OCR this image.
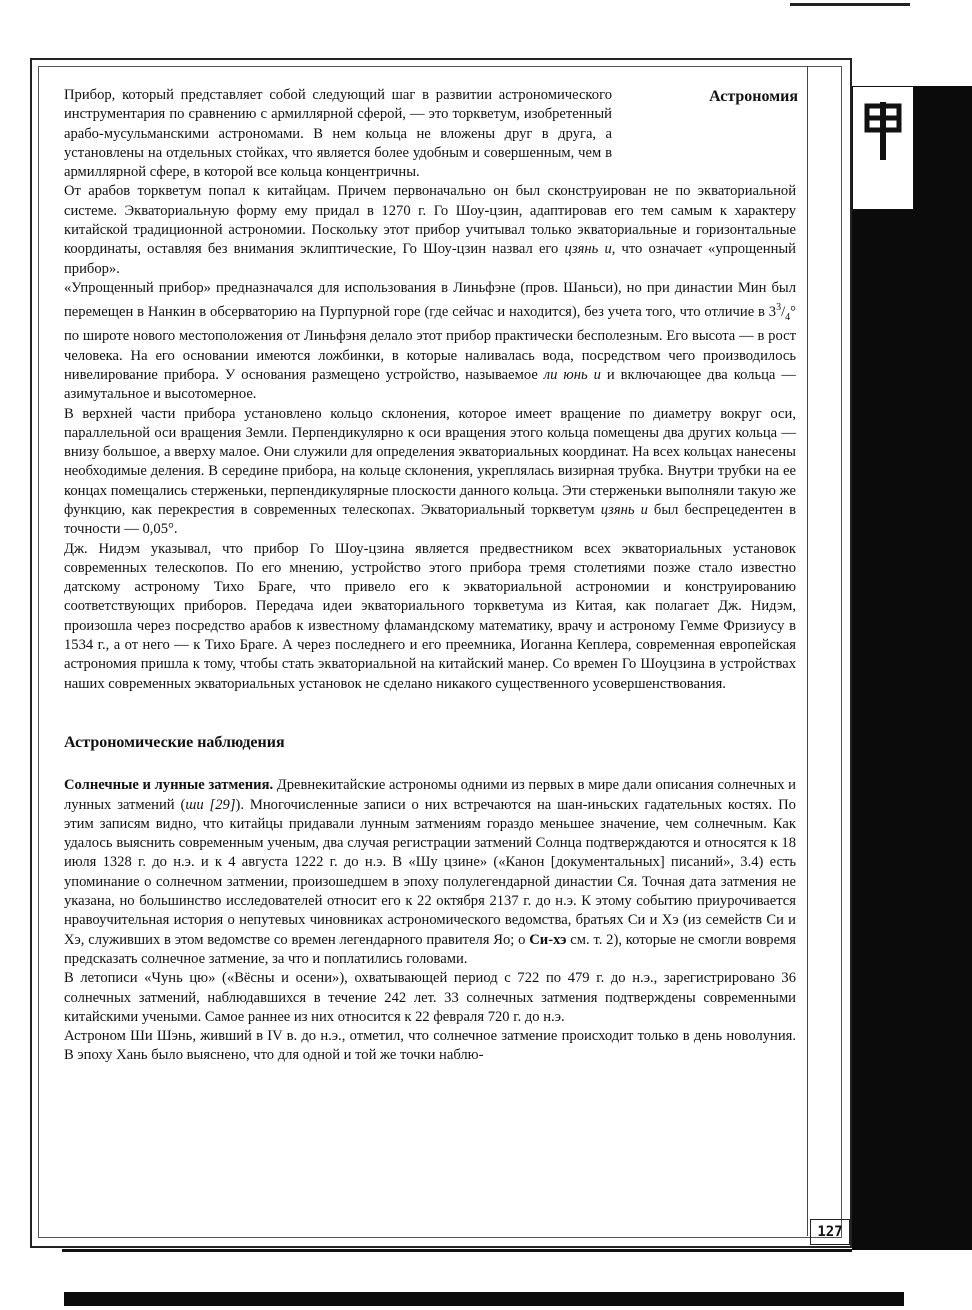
Астрономия

Прибор, который представляет собой следующий шаг в развитии астрономического инструментария по сравнению с армиллярной сферой, — это торкветум, изобретенный арабо-мусульманскими астрономами. В нем кольца не вложены друг в друга, а установлены на отдельных стойках, что является более удобным и совершенным, чем в армиллярной сфере, в которой все кольца концентричны.

От арабов торкветум попал к китайцам. Причем первоначально он был сконструирован не по экваториальной системе. Экваториальную форму ему придал в 1270 г. Го Шоу-цзин, адаптировав его тем самым к характеру китайской традиционной астрономии. Поскольку этот прибор учитывал только экваториальные и горизонтальные координаты, оставляя без внимания эклиптические, Го Шоу-цзин назвал его цзянь и, что означает «упрощенный прибор».

«Упрощенный прибор» предназначался для использования в Линьфэне (пров. Шаньси), но при династии Мин был перемещен в Нанкин в обсерваторию на Пурпурной горе (где сейчас и находится), без учета того, что отличие в $3^3/_4^\circ$ по широте нового местоположения от Линьфэня делало этот прибор практически бесполезным. Его высота — в рост человека. На его основании имеются ложбинки, в которые наливалась вода, посредством чего производилось нивелирование прибора. У основания размещено устройство, называемое ли юнь и и включающее два кольца — азимутальное и высотомерное.

В верхней части прибора установлено кольцо склонения, которое имеет вращение по диаметру вокруг оси, параллельной оси вращения Земли. Перпендикулярно к оси вращения этого кольца помещены два других кольца — внизу большое, а вверху малое. Они служили для определения экваториальных координат. На всех кольцах нанесены необходимые деления. В середине прибора, на кольце склонения, укреплялась визирная трубка. Внутри трубки на ее концах помещались стерженьки, перпендикулярные плоскости данного кольца. Эти стерженьки выполняли такую же функцию, как перекрестия в современных телескопах. Экваториальный торкветум цзянь и был беспрецедентен в точности — 0,05°.

Дж. Нидэм указывал, что прибор Го Шоу-цзина является предвестником всех экваториальных установок современных телескопов. По его мнению, устройство этого прибора тремя столетиями позже стало известно датскому астроному Тихо Браге, что привело его к экваториальной астрономии и конструированию соответствующих приборов. Передача идеи экваториального торкветума из Китая, как полагает Дж. Нидэм, произошла через посредство арабов к известному фламандскому математику, врачу и астроному Гемме Фризиусу в 1534 г., а от него — к Тихо Браге. А через последнего и его преемника, Иоганна Кеплера, современная европейская астрономия пришла к тому, чтобы стать экваториальной на китайский манер. Со времен Го Шоуцзина в устройствах наших современных экваториальных установок не сделано никакого существенного усовершенствования.

Астрономические наблюдения

Солнечные и лунные затмения. Древнекитайские астрономы одними из первых в мире дали описания солнечных и лунных затмений (ши [29]). Многочисленные записи о них встречаются на шан-иньских гадательных костях. По этим записям видно, что китайцы придавали лунным затмениям гораздо меньшее значение, чем солнечным. Как удалось выяснить современным ученым, два случая регистрации затмений Солнца подтверждаются и относятся к 18 июля 1328 г. до н.э. и к 4 августа 1222 г. до н.э. В «Шу цзине» («Канон [документальных] писаний», 3.4) есть упоминание о солнечном затмении, произошедшем в эпоху полулегендарной династии Ся. Точная дата затмения не указана, но большинство исследователей относит его к 22 октября 2137 г. до н.э. К этому событию приурочивается нравоучительная история о непутевых чиновниках астрономического ведомства, братьях Си и Хэ (из семейств Си и Хэ, служивших в этом ведомстве со времен легендарного правителя Яо; о Си-хэ см. т. 2), которые не смогли вовремя предсказать солнечное затмение, за что и поплатились головами.

В летописи «Чунь цю» («Вёсны и осени»), охватывающей период с 722 по 479 г. до н.э., зарегистрировано 36 солнечных затмений, наблюдавшихся в течение 242 лет. 33 солнечных затмения подтверждены современными китайскими учеными. Самое раннее из них относится к 22 февраля 720 г. до н.э.

Астроном Ши Шэнь, живший в IV в. до н.э., отметил, что солнечное затмение происходит только в день новолуния. В эпоху Хань было выяснено, что для одной и той же точки наблю-

127
